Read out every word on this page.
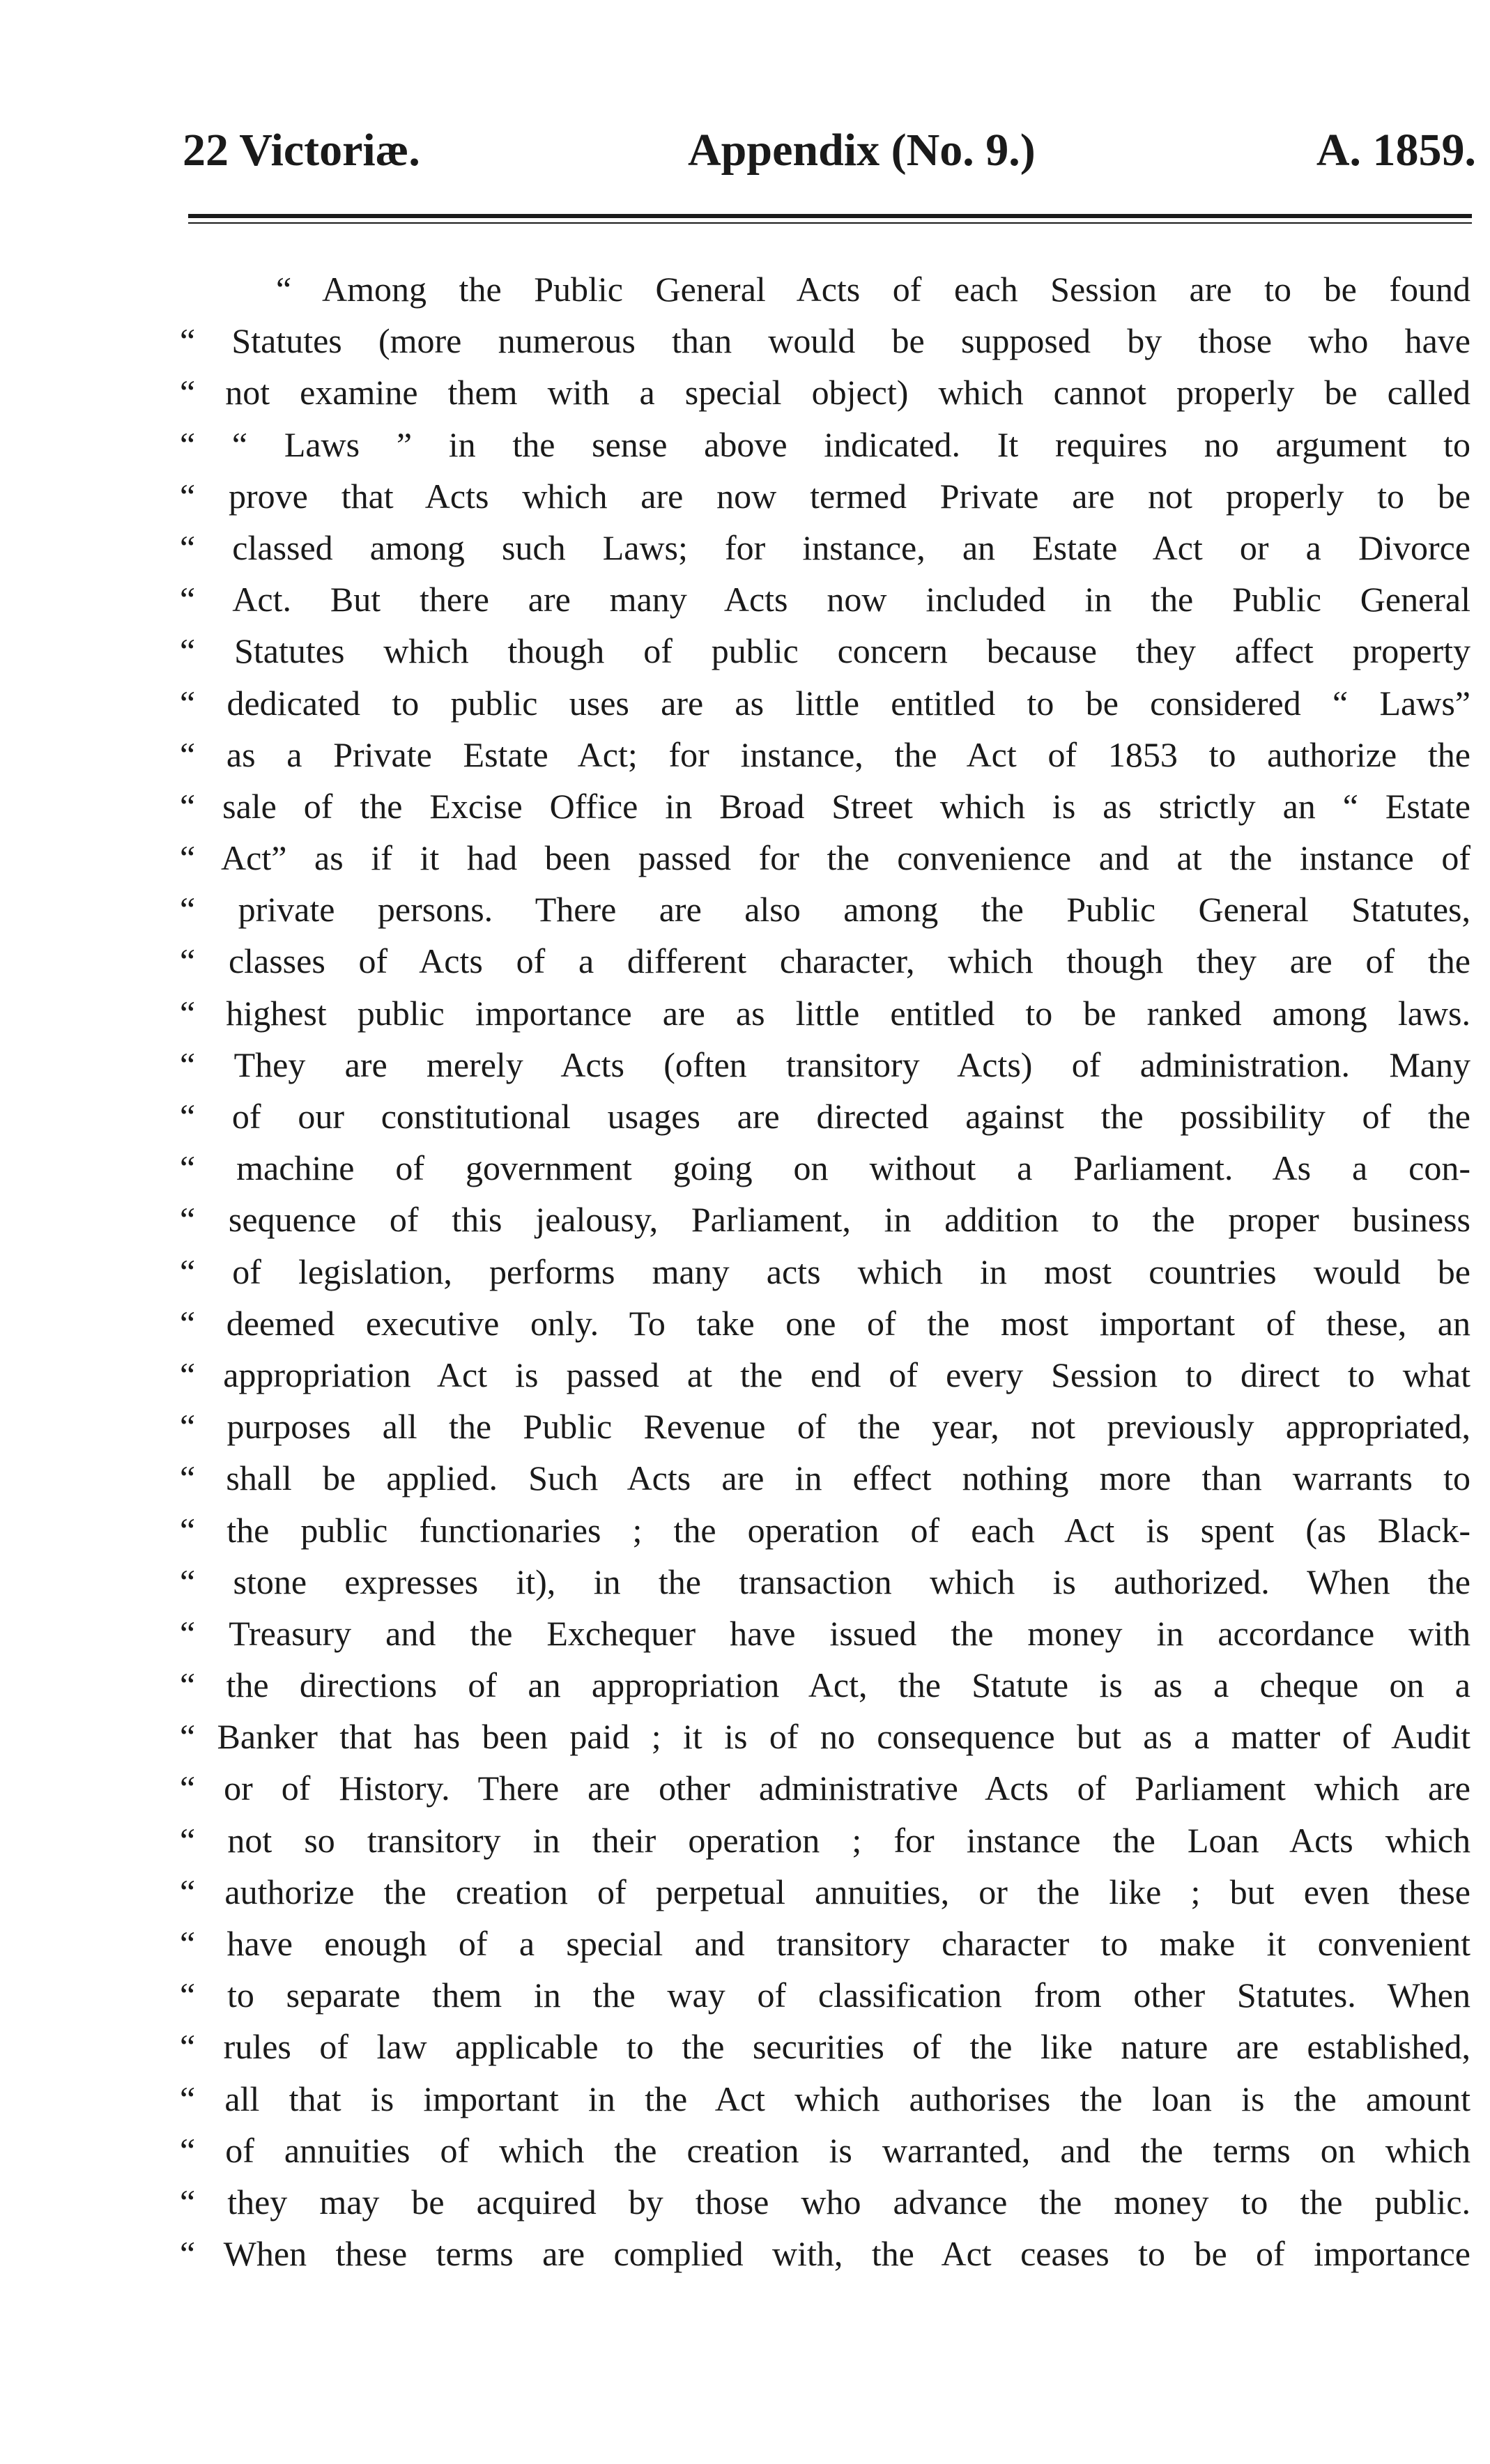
22 Victoriæ.	Appendix (No. 9.)	A. 1859.
“ Among the Public General Acts of each Session are to be found
“ Statutes (more numerous than would be supposed by those who have
“ not examine them with a special object) which cannot properly be called
“ “ Laws ” in the sense above indicated. It requires no argument to
“ prove that Acts which are now termed Private are not properly to be
“ classed among such Laws; for instance, an Estate Act or a Divorce
“ Act. But there are many Acts now included in the Public General
“ Statutes which though of public concern because they affect property
“ dedicated to public uses are as little entitled to be considered “ Laws”
“ as a Private Estate Act; for instance, the Act of 1853 to authorize the
“ sale of the Excise Office in Broad Street which is as strictly an “ Estate
“ Act” as if it had been passed for the convenience and at the instance of
“ private persons. There are also among the Public General Statutes,
“ classes of Acts of a different character, which though they are of the
“ highest public importance are as little entitled to be ranked among laws.
“ They are merely Acts (often transitory Acts) of administration. Many
“ of our constitutional usages are directed against the possibility of the
“ machine of government going on without a Parliament. As a con-
“ sequence of this jealousy, Parliament, in addition to the proper business
“ of legislation, performs many acts which in most countries would be
“ deemed executive only. To take one of the most important of these, an
“ appropriation Act is passed at the end of every Session to direct to what
“ purposes all the Public Revenue of the year, not previously appropriated,
“ shall be applied. Such Acts are in effect nothing more than warrants to
“ the public functionaries ; the operation of each Act is spent (as Black-
“ stone expresses it), in the transaction which is authorized. When the
“ Treasury and the Exchequer have issued the money in accordance with
“ the directions of an appropriation Act, the Statute is as a cheque on a
“ Banker that has been paid ; it is of no consequence but as a matter of Audit
“ or of History. There are other administrative Acts of Parliament which are
“ not so transitory in their operation ; for instance the Loan Acts which
“ authorize the creation of perpetual annuities, or the like ; but even these
“ have enough of a special and transitory character to make it convenient
“ to separate them in the way of classification from other Statutes. When
“ rules of law applicable to the securities of the like nature are established,
“ all that is important in the Act which authorises the loan is the amount
“ of annuities of which the creation is warranted, and the terms on which
“ they may be acquired by those who advance the money to the public.
“ When these terms are complied with, the Act ceases to be of importance
